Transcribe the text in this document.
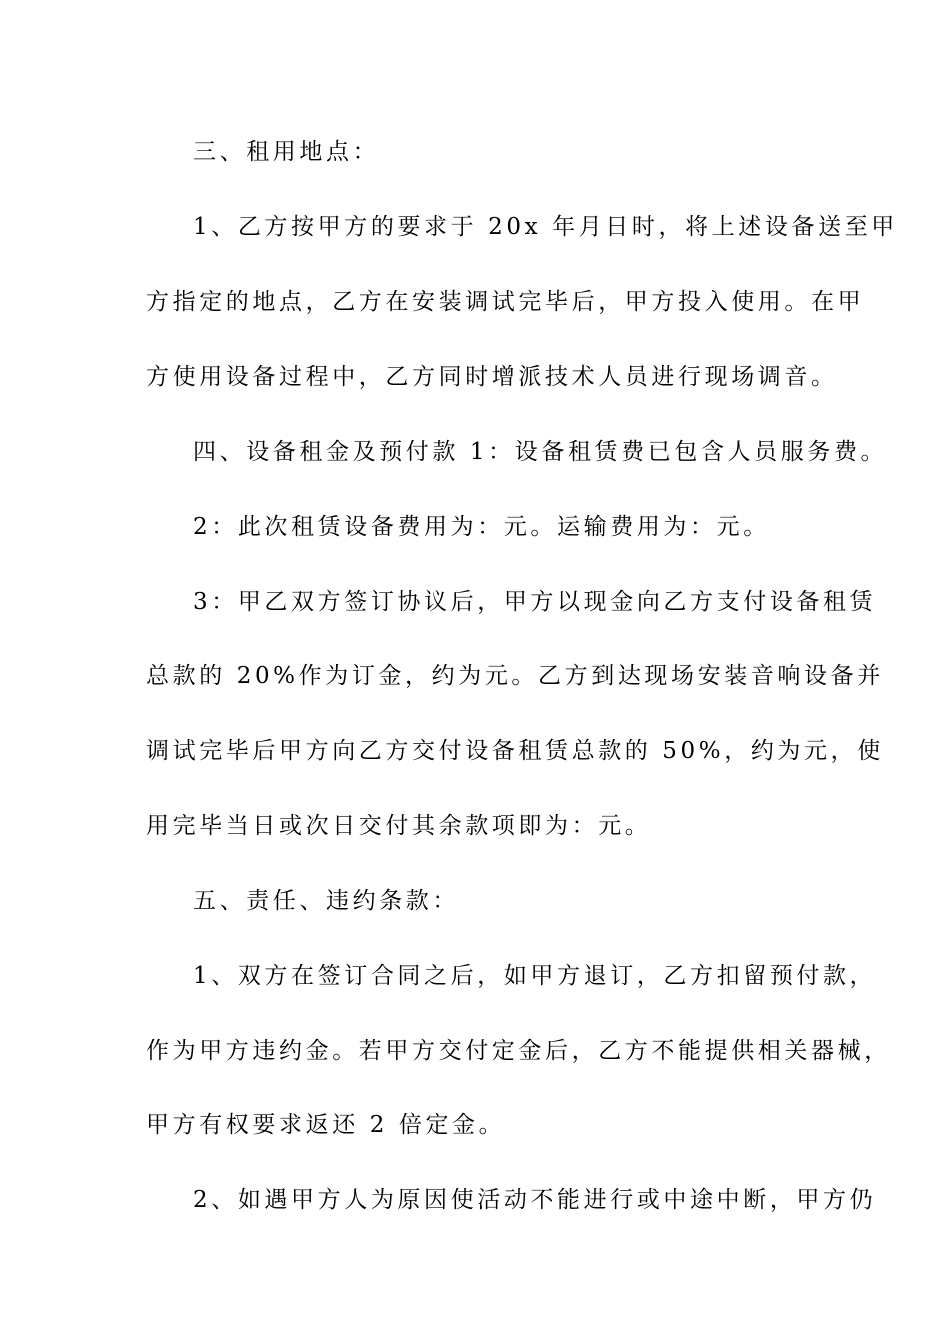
三、租用地点：
1、乙方按甲方的要求于 20x 年月日时，将上述设备送至甲
方指定的地点，乙方在安装调试完毕后，甲方投入使用。在甲
方使用设备过程中，乙方同时增派技术人员进行现场调音。
四、设备租金及预付款 1：设备租赁费已包含人员服务费。
2：此次租赁设备费用为：元。运输费用为：元。
3：甲乙双方签订协议后，甲方以现金向乙方支付设备租赁
总款的 20%作为订金，约为元。乙方到达现场安装音响设备并
调试完毕后甲方向乙方交付设备租赁总款的 50%，约为元，使
用完毕当日或次日交付其余款项即为：元。
五、责任、违约条款：
1、双方在签订合同之后，如甲方退订，乙方扣留预付款，
作为甲方违约金。若甲方交付定金后，乙方不能提供相关器械，
甲方有权要求返还 2 倍定金。
2、如遇甲方人为原因使活动不能进行或中途中断，甲方仍
